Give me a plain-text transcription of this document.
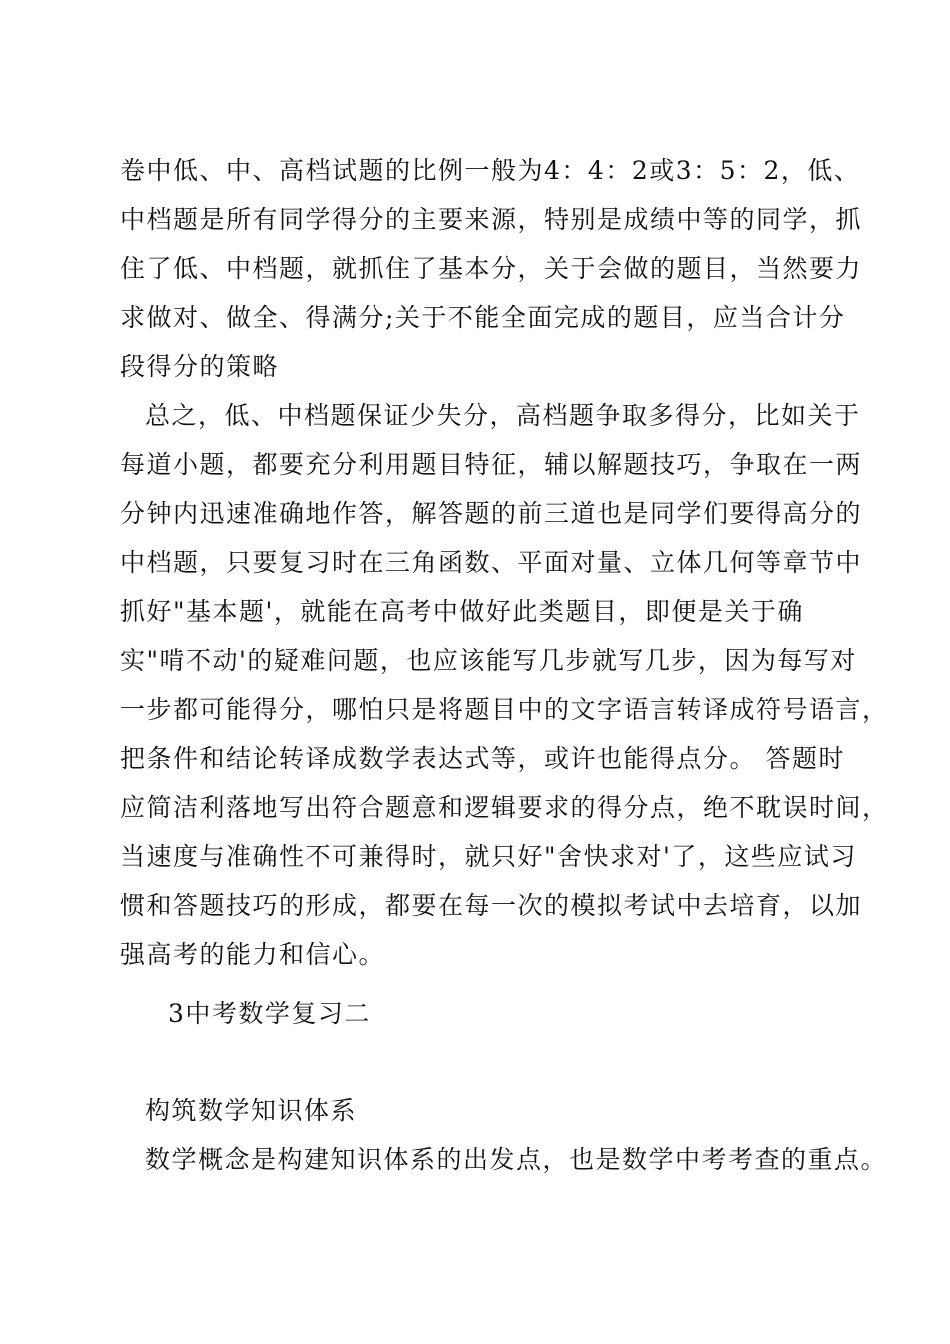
卷中低、中、高档试题的比例一般为4：4：2或3：5：2，低、
中档题是所有同学得分的主要来源，特别是成绩中等的同学，抓
住了低、中档题，就抓住了基本分，关于会做的题目，当然要力
求做对、做全、得满分;关于不能全面完成的题目，应当合计分
段得分的策略
总之，低、中档题保证少失分，高档题争取多得分，比如关于
每道小题，都要充分利用题目特征，辅以解题技巧，争取在一两
分钟内迅速准确地作答，解答题的前三道也是同学们要得高分的
中档题，只要复习时在三角函数、平面对量、立体几何等章节中
抓好"基本题'，就能在高考中做好此类题目，即便是关于确
实"啃不动'的疑难问题，也应该能写几步就写几步，因为每写对
一步都可能得分，哪怕只是将题目中的文字语言转译成符号语言，
把条件和结论转译成数学表达式等，或许也能得点分。 答题时
应简洁利落地写出符合题意和逻辑要求的得分点，绝不耽误时间，
当速度与准确性不可兼得时，就只好"舍快求对'了，这些应试习
惯和答题技巧的形成，都要在每一次的模拟考试中去培育，以加
强高考的能力和信心。
3中考数学复习二
构筑数学知识体系
数学概念是构建知识体系的出发点，也是数学中考考查的重点。
